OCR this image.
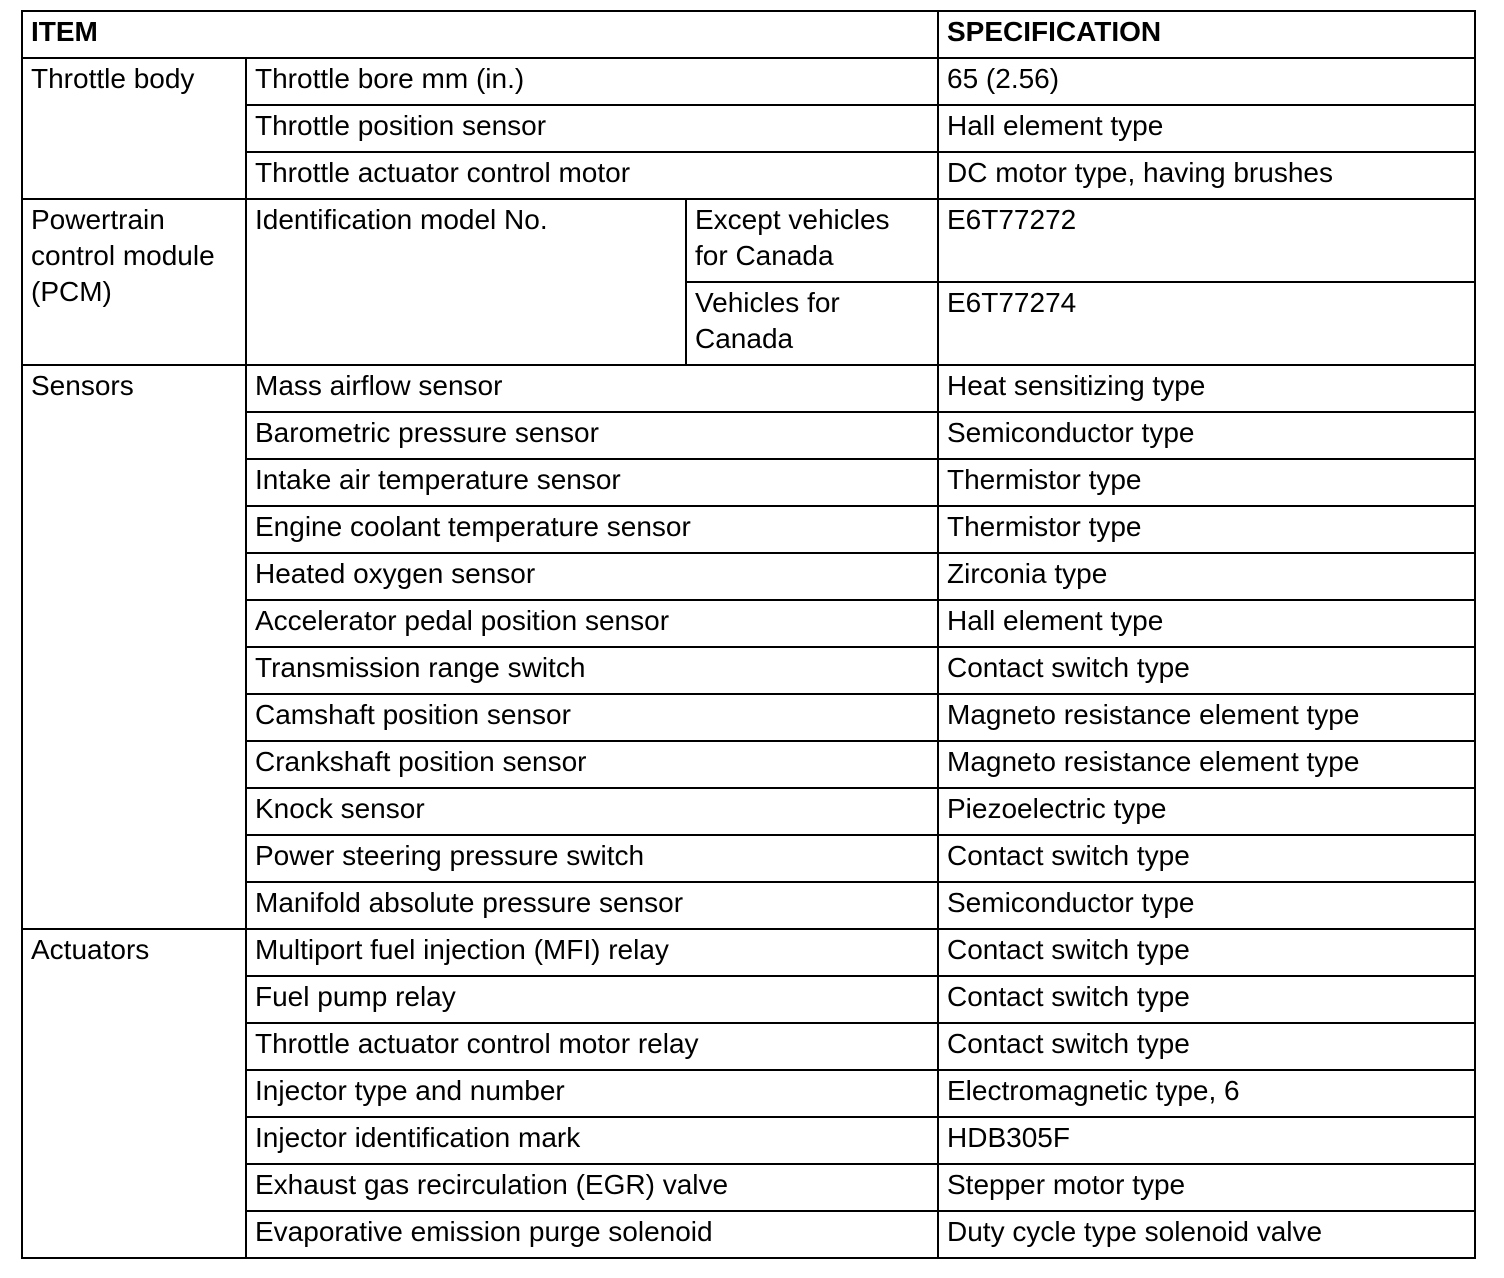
ITEM			SPECIFICATION
Throttle body	Throttle bore mm (in.)		65 (2.56)
	Throttle position sensor		Hall element type
	Throttle actuator control motor		DC motor type, having brushes
Powertrain control module (PCM)	Identification model No.	Except vehicles for Canada	E6T77272
		Vehicles for Canada	E6T77274
Sensors	Mass airflow sensor		Heat sensitizing type
	Barometric pressure sensor		Semiconductor type
	Intake air temperature sensor		Thermistor type
	Engine coolant temperature sensor		Thermistor type
	Heated oxygen sensor		Zirconia type
	Accelerator pedal position sensor		Hall element type
	Transmission range switch		Contact switch type
	Camshaft position sensor		Magneto resistance element type
	Crankshaft position sensor		Magneto resistance element type
	Knock sensor		Piezoelectric type
	Power steering pressure switch		Contact switch type
	Manifold absolute pressure sensor		Semiconductor type
Actuators	Multiport fuel injection (MFI) relay		Contact switch type
	Fuel pump relay		Contact switch type
	Throttle actuator control motor relay		Contact switch type
	Injector type and number		Electromagnetic type, 6
	Injector identification mark		HDB305F
	Exhaust gas recirculation (EGR) valve		Stepper motor type
	Evaporative emission purge solenoid		Duty cycle type solenoid valve
